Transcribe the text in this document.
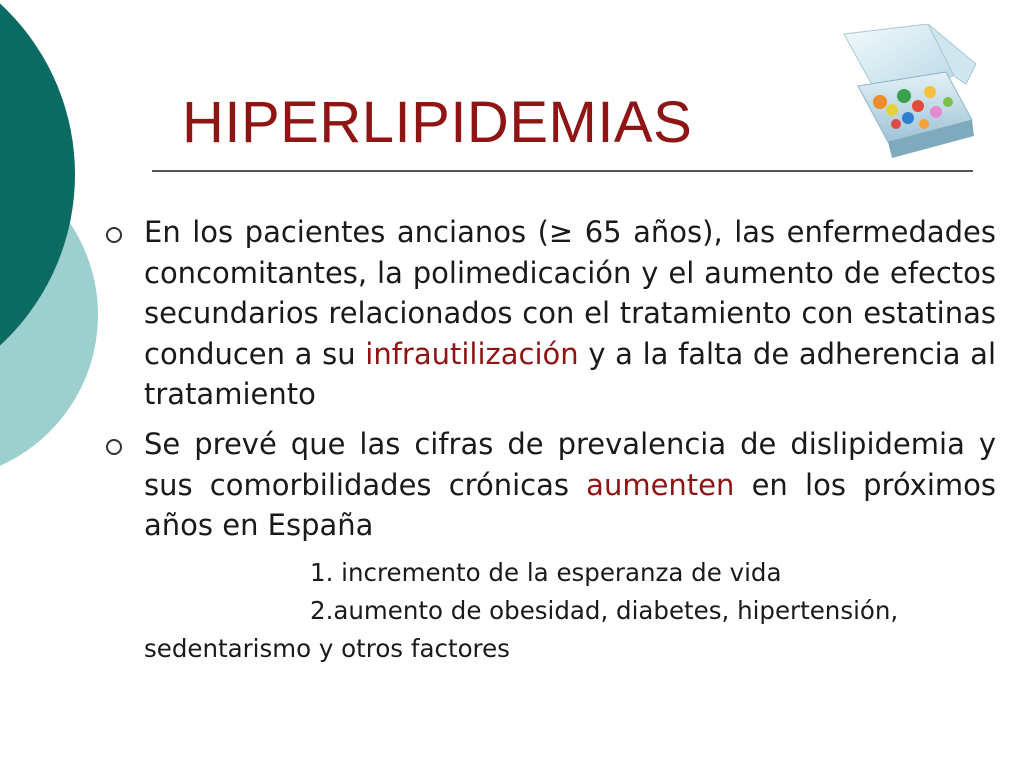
HIPERLIPIDEMIAS
En los pacientes ancianos (≥ 65 años), las enfermedades concomitantes, la polimedicación y el aumento de efectos secundarios relacionados con el tratamiento con estatinas conducen a su infrautilización y a la falta de adherencia al tratamiento
Se prevé que las cifras de prevalencia de dislipidemia y sus comorbilidades crónicas aumenten en los próximos años en España
1. incremento de la esperanza de vida
2.aumento de obesidad, diabetes, hipertensión, sedentarismo y otros factores
